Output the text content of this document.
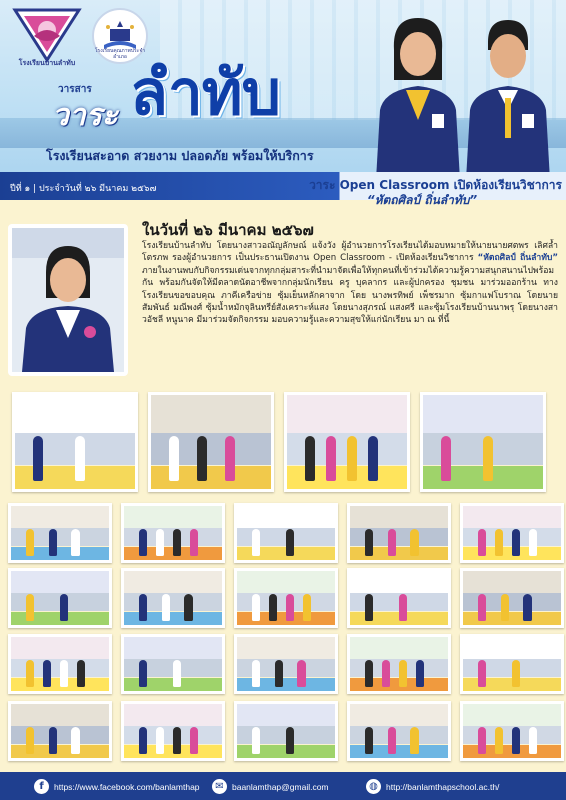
โรงเรียนบ้านลำทับ
โรงเรียนคุณภาพประจำอำเภอ
วารสาร
วาระ ลำทับ
โรงเรียนสะอาด สวยงาม ปลอดภัย พร้อมให้บริการ
ปีที่ ๑ | ประจำวันที่ ๒๖ มีนาคม ๒๕๖๗	วาระ Open Classroom เปิดห้องเรียนวิชาการ
“หัตถศิลป์ ถิ่นลำทับ”
ในวันที่ ๒๖ มีนาคม ๒๕๖๗
โรงเรียนบ้านลำทับ โดยนางสาวอณัญลักษณ์ แจ้งวัง ผู้อำนวยการโรงเรียนได้มอบหมายให้นายนายศตพร เลิศล้ำโตรภพ รองผู้อำนวยการ เป็นประธานเปิดงาน Open Classroom - เปิดห้องเรียนวิชาการ “หัตถศิลป์ ถิ่นลำทับ” ภายในงานพบกับกิจกรรมเด่นจากทุกกลุ่มสาระที่นำมาจัดเพื่อให้ทุกคนที่เข้าร่วมได้ความรู้ความสนุกสนานไปพร้อมกัน พร้อมกันจัดให้มีตลาดนัดอาชีพจากกลุ่มนักเรียน ครู บุคลากร และผู้ปกครอง ชุมชน มาร่วมออกร้าน ทางโรงเรียนขอขอบคุณ ภาคีเครือข่าย ซุ้มเย็นหลักคาจาก โดย นางพรทิพย์ เพ็ชรมาก ซุ้มกาแฟโบราณ โดยนายสัมพันธ์ มณีพงศ์ ซุ้มน้ำหมักจุลินทรีย์สังเคราะห์แสง โดยนางสุภรณ์ แสงศรี และซุ้มโรงเรียนบ้านนาพรุ โดยนางสาวอัชลี หนูนาค มีมาร่วมจัดกิจกรรม มอบความรู้และความสุขให้แก่นักเรียน มา ณ ที่นี้
f	https://www.facebook.com/banlamthap	✉ baanlamthap@gmail.com	◍ http://banlamthapschool.ac.th/
